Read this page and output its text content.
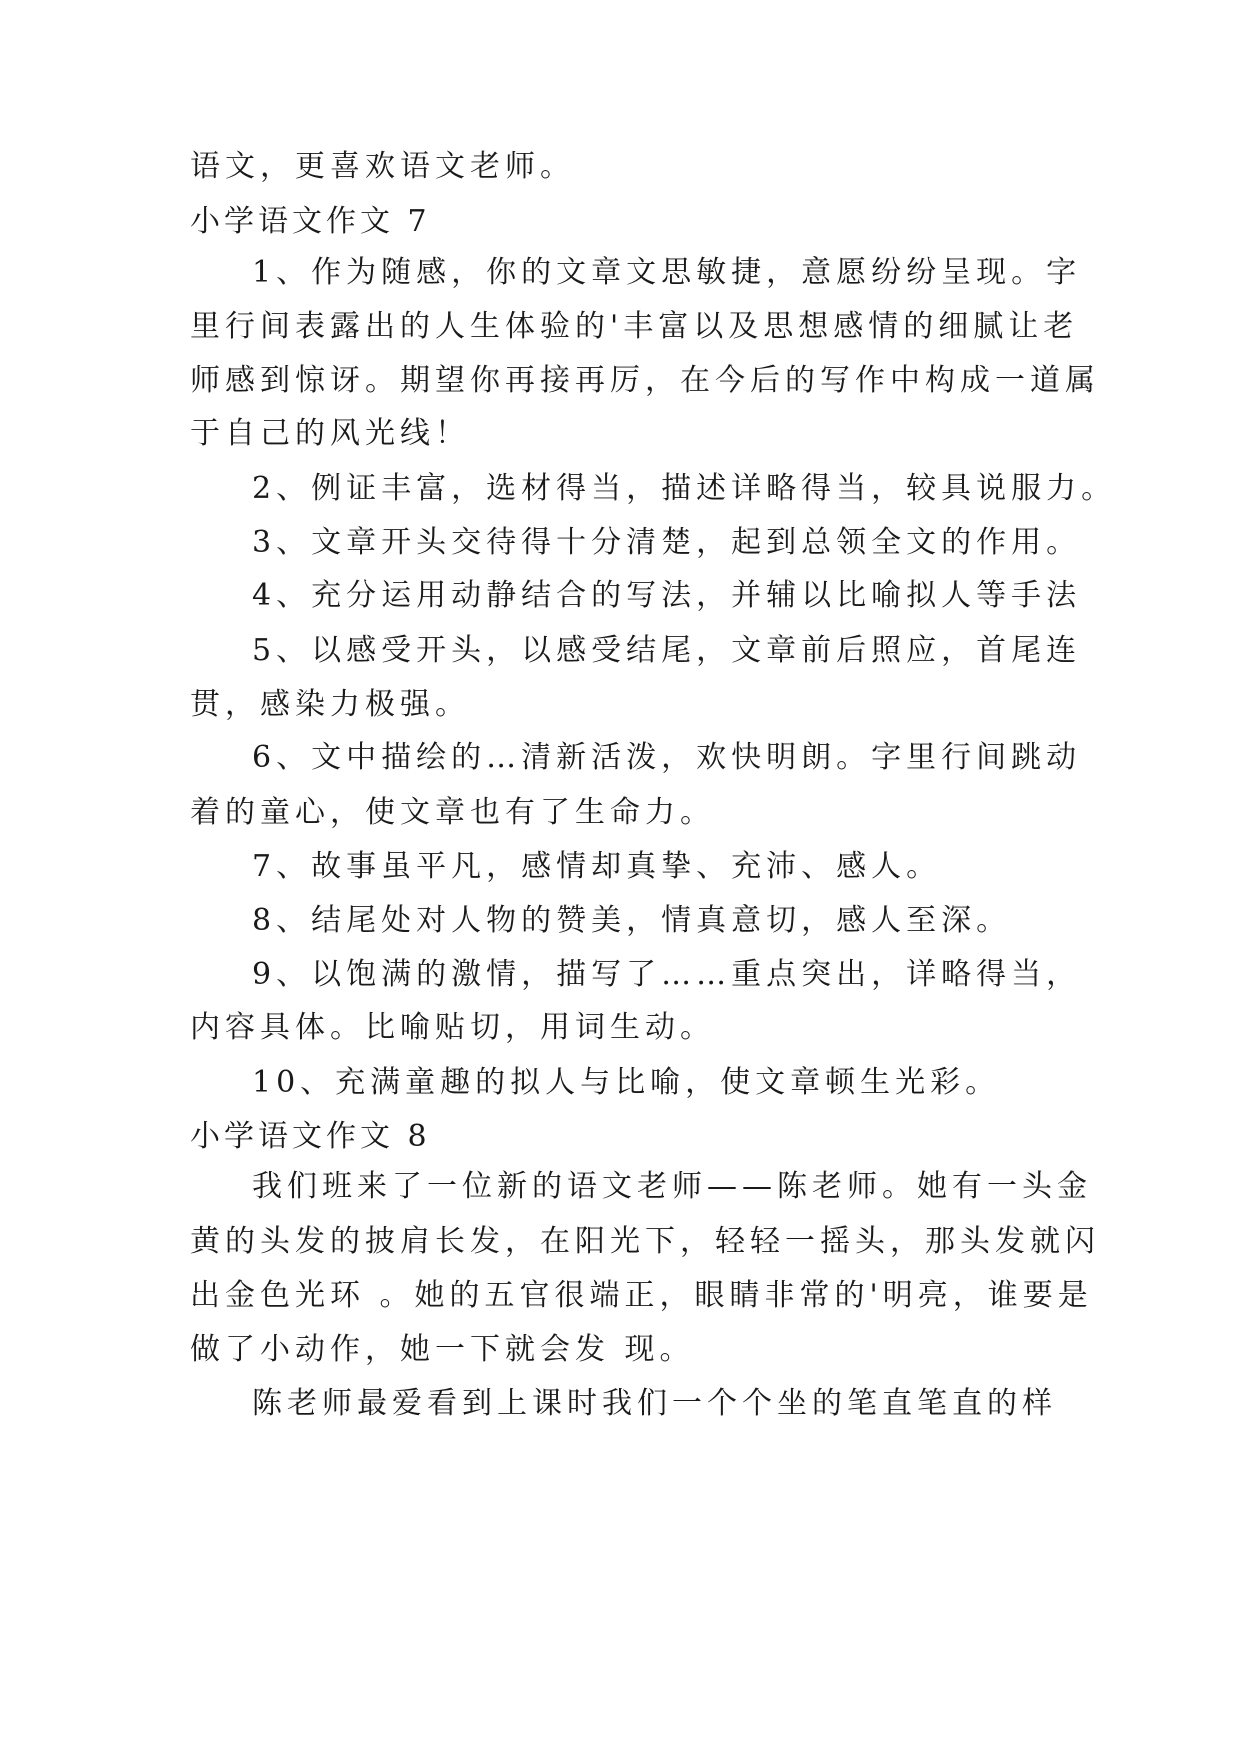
语文，更喜欢语文老师。

小学语文作文 7

1、作为随感，你的文章文思敏捷，意愿纷纷呈现。字

里行间表露出的人生体验的'丰富以及思想感情的细腻让老

师感到惊讶。期望你再接再厉，在今后的写作中构成一道属

于自己的风光线！

2、例证丰富，选材得当，描述详略得当，较具说服力。

3、文章开头交待得十分清楚，起到总领全文的作用。

4、充分运用动静结合的写法，并辅以比喻拟人等手法

5、以感受开头，以感受结尾，文章前后照应，首尾连

贯，感染力极强。

6、文中描绘的…清新活泼，欢快明朗。字里行间跳动

着的童心，使文章也有了生命力。

7、故事虽平凡，感情却真挚、充沛、感人。

8、结尾处对人物的赞美，情真意切，感人至深。

9、以饱满的激情，描写了……重点突出，详略得当，

内容具体。比喻贴切，用词生动。

10、充满童趣的拟人与比喻，使文章顿生光彩。

小学语文作文 8

我们班来了一位新的语文老师——陈老师。她有一头金

黄的头发的披肩长发，在阳光下，轻轻一摇头，那头发就闪

出金色光环 。她的五官很端正，眼睛非常的'明亮，谁要是

做了小动作，她一下就会发 现。

陈老师最爱看到上课时我们一个个坐的笔直笔直的样
